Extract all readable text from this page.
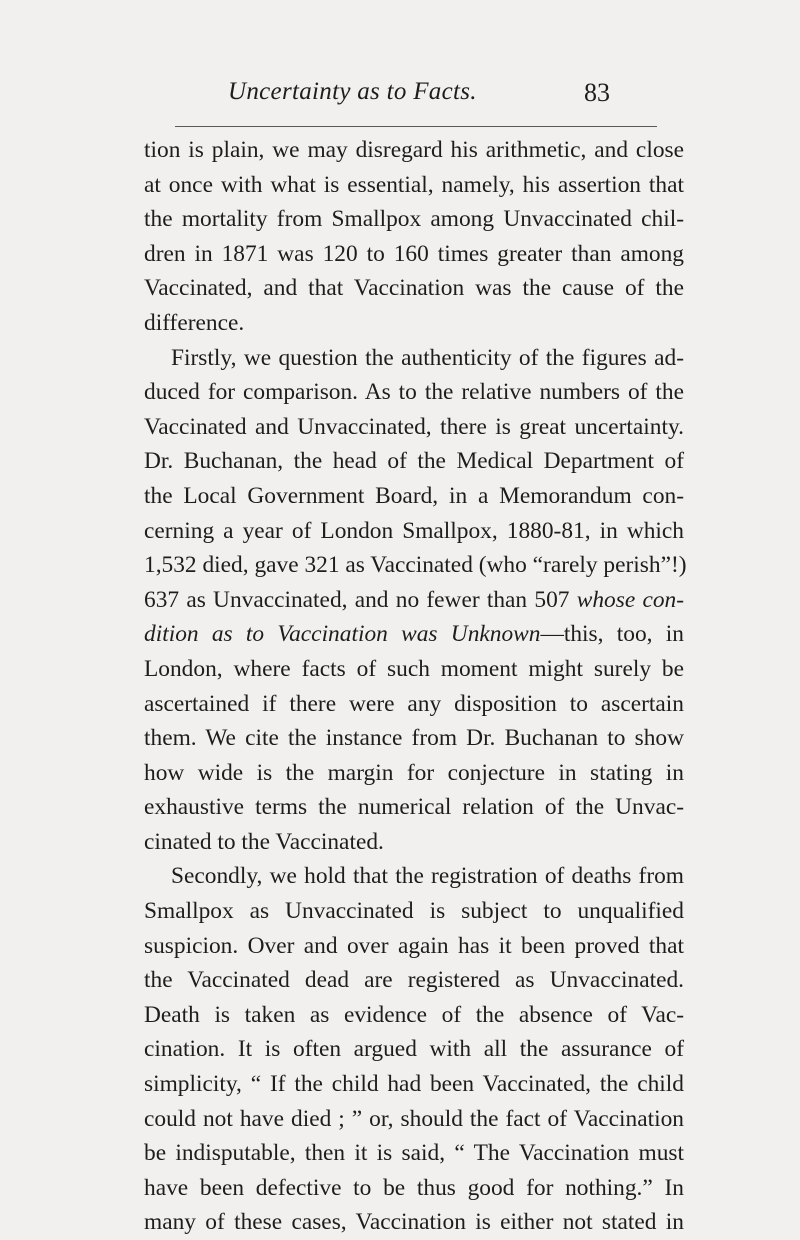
Uncertainty as to Facts.	83

tion is plain, we may disregard his arithmetic, and close
at once with what is essential, namely, his assertion that
the mortality from Smallpox among Unvaccinated chil-
dren in 1871 was 120 to 160 times greater than among
Vaccinated, and that Vaccination was the cause of the
difference.

Firstly, we question the authenticity of the figures ad-
duced for comparison. As to the relative numbers of the
Vaccinated and Unvaccinated, there is great uncertainty.
Dr. Buchanan, the head of the Medical Department of
the Local Government Board, in a Memorandum con-
cerning a year of London Smallpox, 1880-81, in which
1,532 died, gave 321 as Vaccinated (who “rarely perish”!)
637 as Unvaccinated, and no fewer than 507 whose con-
dition as to Vaccination was Unknown—this, too, in
London, where facts of such moment might surely be
ascertained if there were any disposition to ascertain
them. We cite the instance from Dr. Buchanan to show
how wide is the margin for conjecture in stating in
exhaustive terms the numerical relation of the Unvac-
cinated to the Vaccinated.

Secondly, we hold that the registration of deaths from
Smallpox as Unvaccinated is subject to unqualified
suspicion. Over and over again has it been proved that
the Vaccinated dead are registered as Unvaccinated.
Death is taken as evidence of the absence of Vac-
cination. It is often argued with all the assurance of
simplicity, “ If the child had been Vaccinated, the child
could not have died ; ” or, should the fact of Vaccination
be indisputable, then it is said, “ The Vaccination must
have been defective to be thus good for nothing.” In
many of these cases, Vaccination is either not stated in
